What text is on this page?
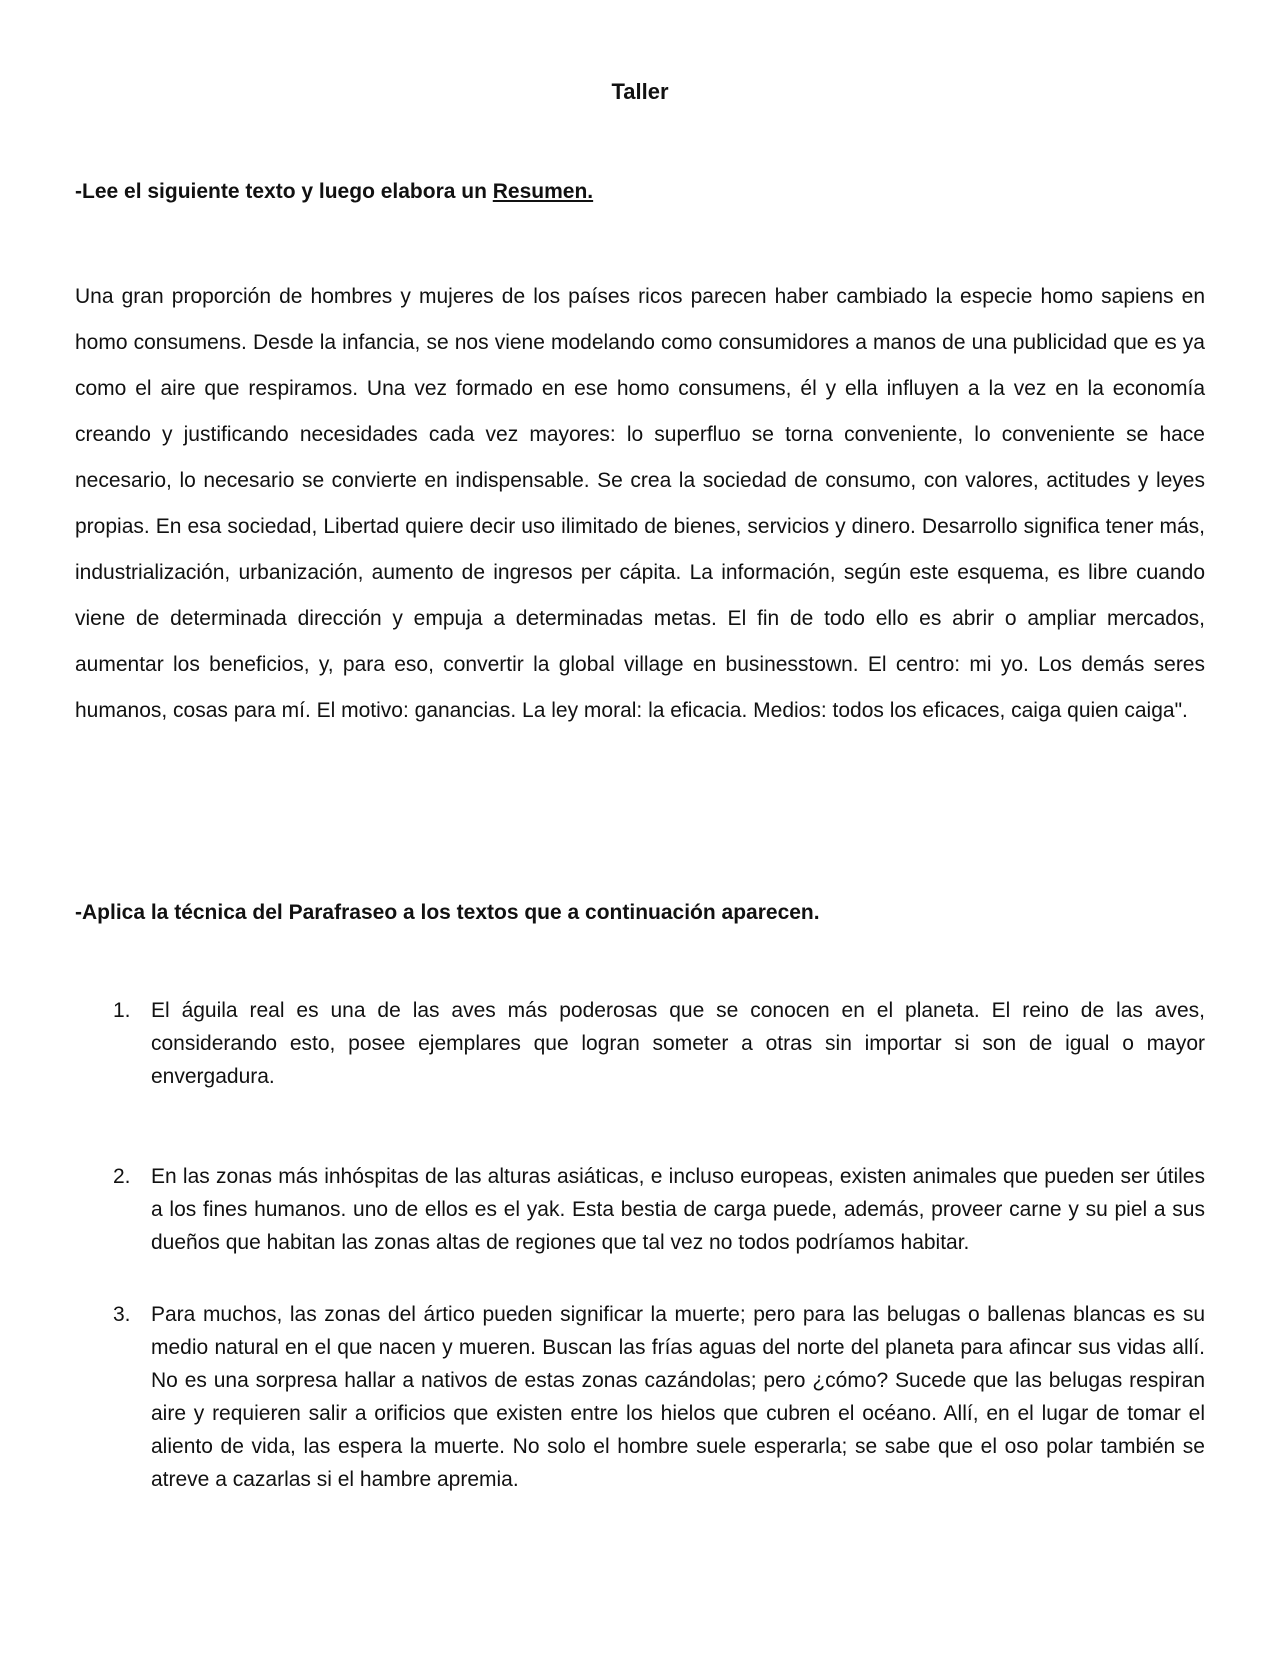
Taller
-Lee el siguiente texto y luego elabora un Resumen.

Una gran proporción de hombres y mujeres de los países ricos parecen haber cambiado la especie homo sapiens en homo consumens. Desde la infancia, se nos viene modelando como consumidores a manos de una publicidad que es ya como el aire que respiramos. Una vez formado en ese homo consumens, él y ella influyen a la vez en la economía creando y justificando necesidades cada vez mayores: lo superfluo se torna conveniente, lo conveniente se hace necesario, lo necesario se convierte en indispensable. Se crea la sociedad de consumo, con valores, actitudes y leyes propias. En esa sociedad, Libertad quiere decir uso ilimitado de bienes, servicios y dinero. Desarrollo significa tener más, industrialización, urbanización, aumento de ingresos per cápita. La información, según este esquema, es libre cuando viene de determinada dirección y empuja a determinadas metas. El fin de todo ello es abrir o ampliar mercados, aumentar los beneficios, y, para eso, convertir la global village en businesstown. El centro: mi yo. Los demás seres humanos, cosas para mí. El motivo: ganancias. La ley moral: la eficacia. Medios: todos los eficaces, caiga quien caiga".

-Aplica la técnica del Parafraseo a los textos que a continuación aparecen.
1. El águila real es una de las aves más poderosas que se conocen en el planeta. El reino de las aves, considerando esto, posee ejemplares que logran someter a otras sin importar si son de igual o mayor envergadura.

2. En las zonas más inhóspitas de las alturas asiáticas, e incluso europeas, existen animales que pueden ser útiles a los fines humanos. uno de ellos es el yak. Esta bestia de carga puede, además, proveer carne y su piel a sus dueños que habitan las zonas altas de regiones que tal vez no todos podríamos habitar.

3. Para muchos, las zonas del ártico pueden significar la muerte; pero para las belugas o ballenas blancas es su medio natural en el que nacen y mueren. Buscan las frías aguas del norte del planeta para afincar sus vidas allí. No es una sorpresa hallar a nativos de estas zonas cazándolas; pero ¿cómo? Sucede que las belugas respiran aire y requieren salir a orificios que existen entre los hielos que cubren el océano. Allí, en el lugar de tomar el aliento de vida, las espera la muerte. No solo el hombre suele esperarla; se sabe que el oso polar también se atreve a cazarlas si el hambre apremia.
